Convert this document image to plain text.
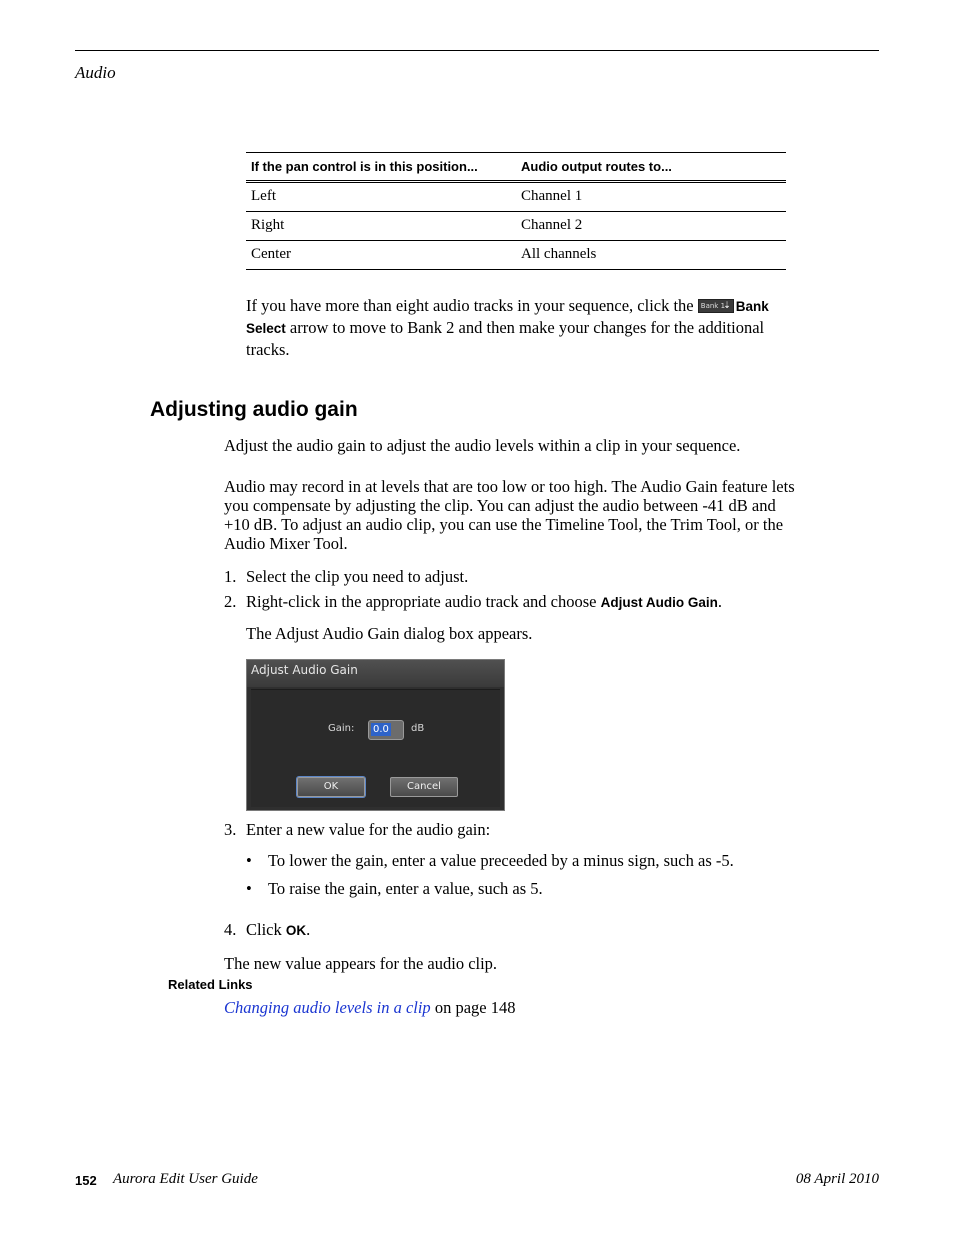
Audio
If the pan control is in this position...	Audio output routes to...
Left	Channel 1
Right	Channel 2
Center	All channels
If you have more than eight audio tracks in your sequence, click the Bank 1
⇣ Bank
Select arrow to move to Bank 2 and then make your changes for the additional tracks.
Adjusting audio gain
Adjust the audio gain to adjust the audio levels within a clip in your sequence.
Audio may record in at levels that are too low or too high. The Audio Gain feature lets you compensate by adjusting the clip. You can adjust the audio between -41 dB and +10 dB. To adjust an audio clip, you can use the Timeline Tool, the Trim Tool, or the Audio Mixer Tool.
1. Select the clip you need to adjust.
2. Right-click in the appropriate audio track and choose Adjust Audio Gain.
The Adjust Audio Gain dialog box appears.
Adjust Audio Gain
Gain: 0.0 dB
OK	Cancel
3. Enter a new value for the audio gain:
• To lower the gain, enter a value preceeded by a minus sign, such as -5.
• To raise the gain, enter a value, such as 5.
4. Click OK.
The new value appears for the audio clip.
Related Links
Changing audio levels in a clip on page 148
152 Aurora Edit User Guide	08 April 2010
